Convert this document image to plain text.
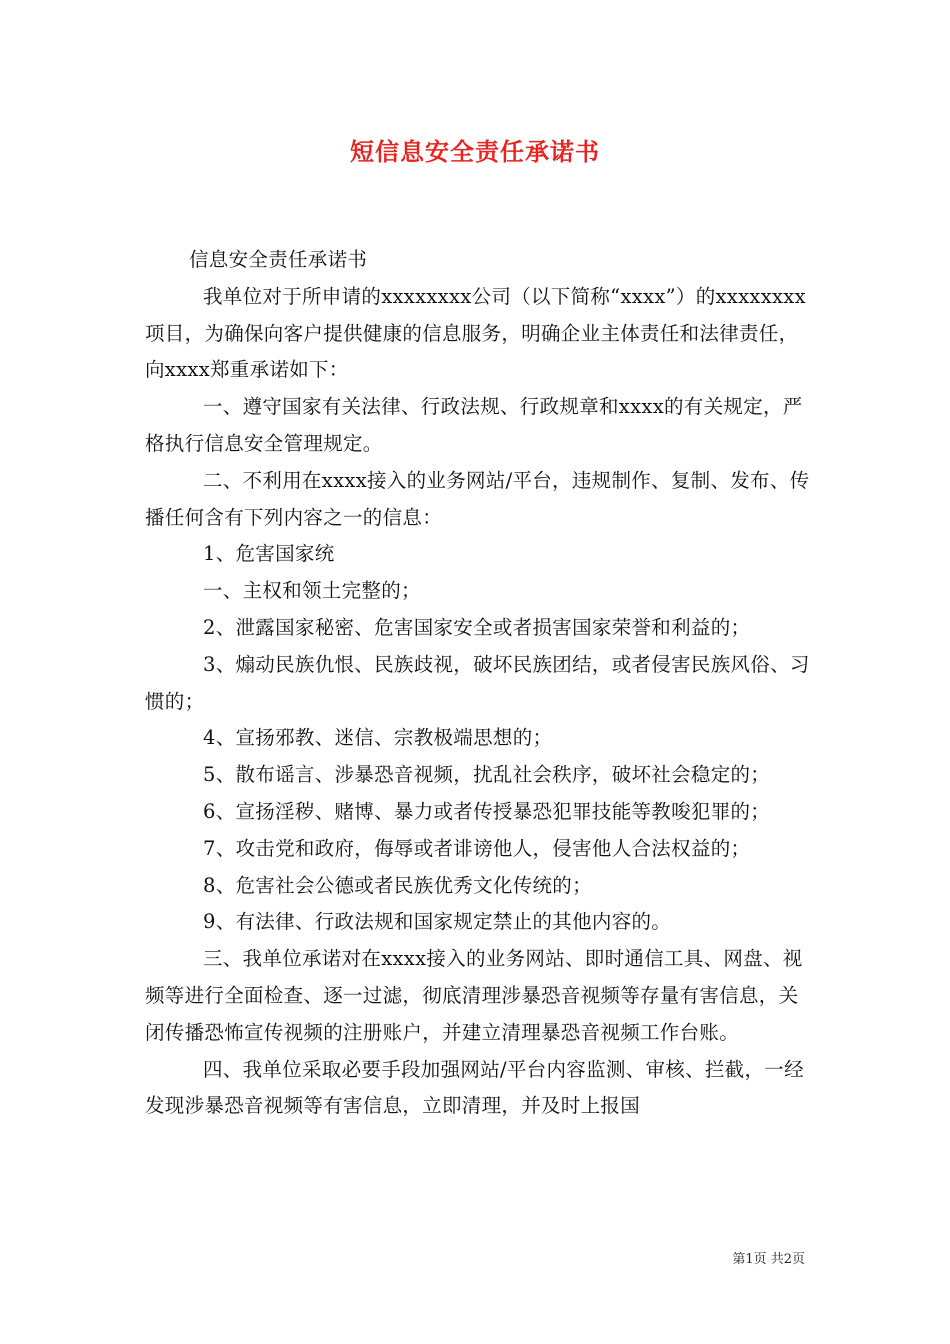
短信息安全责任承诺书

信息安全责任承诺书

我单位对于所申请的xxxxxxxx公司（以下简称“xxxx”）的xxxxxxxx项目，为确保向客户提供健康的信息服务，明确企业主体责任和法律责任，向xxxx郑重承诺如下：

一、遵守国家有关法律、行政法规、行政规章和xxxx的有关规定，严格执行信息安全管理规定。

二、不利用在xxxx接入的业务网站/平台，违规制作、复制、发布、传播任何含有下列内容之一的信息：

1、危害国家统

一、主权和领土完整的；

2、泄露国家秘密、危害国家安全或者损害国家荣誉和利益的；

3、煽动民族仇恨、民族歧视，破坏民族团结，或者侵害民族风俗、习惯的；

4、宣扬邪教、迷信、宗教极端思想的；

5、散布谣言、涉暴恐音视频，扰乱社会秩序，破坏社会稳定的；

6、宣扬淫秽、赌博、暴力或者传授暴恐犯罪技能等教唆犯罪的；

7、攻击党和政府，侮辱或者诽谤他人，侵害他人合法权益的；

8、危害社会公德或者民族优秀文化传统的；

9、有法律、行政法规和国家规定禁止的其他内容的。

三、我单位承诺对在xxxx接入的业务网站、即时通信工具、网盘、视频等进行全面检查、逐一过滤，彻底清理涉暴恐音视频等存量有害信息，关闭传播恐怖宣传视频的注册账户，并建立清理暴恐音视频工作台账。

四、我单位采取必要手段加强网站/平台内容监测、审核、拦截，一经发现涉暴恐音视频等有害信息，立即清理，并及时上报国

第1页 共2页
